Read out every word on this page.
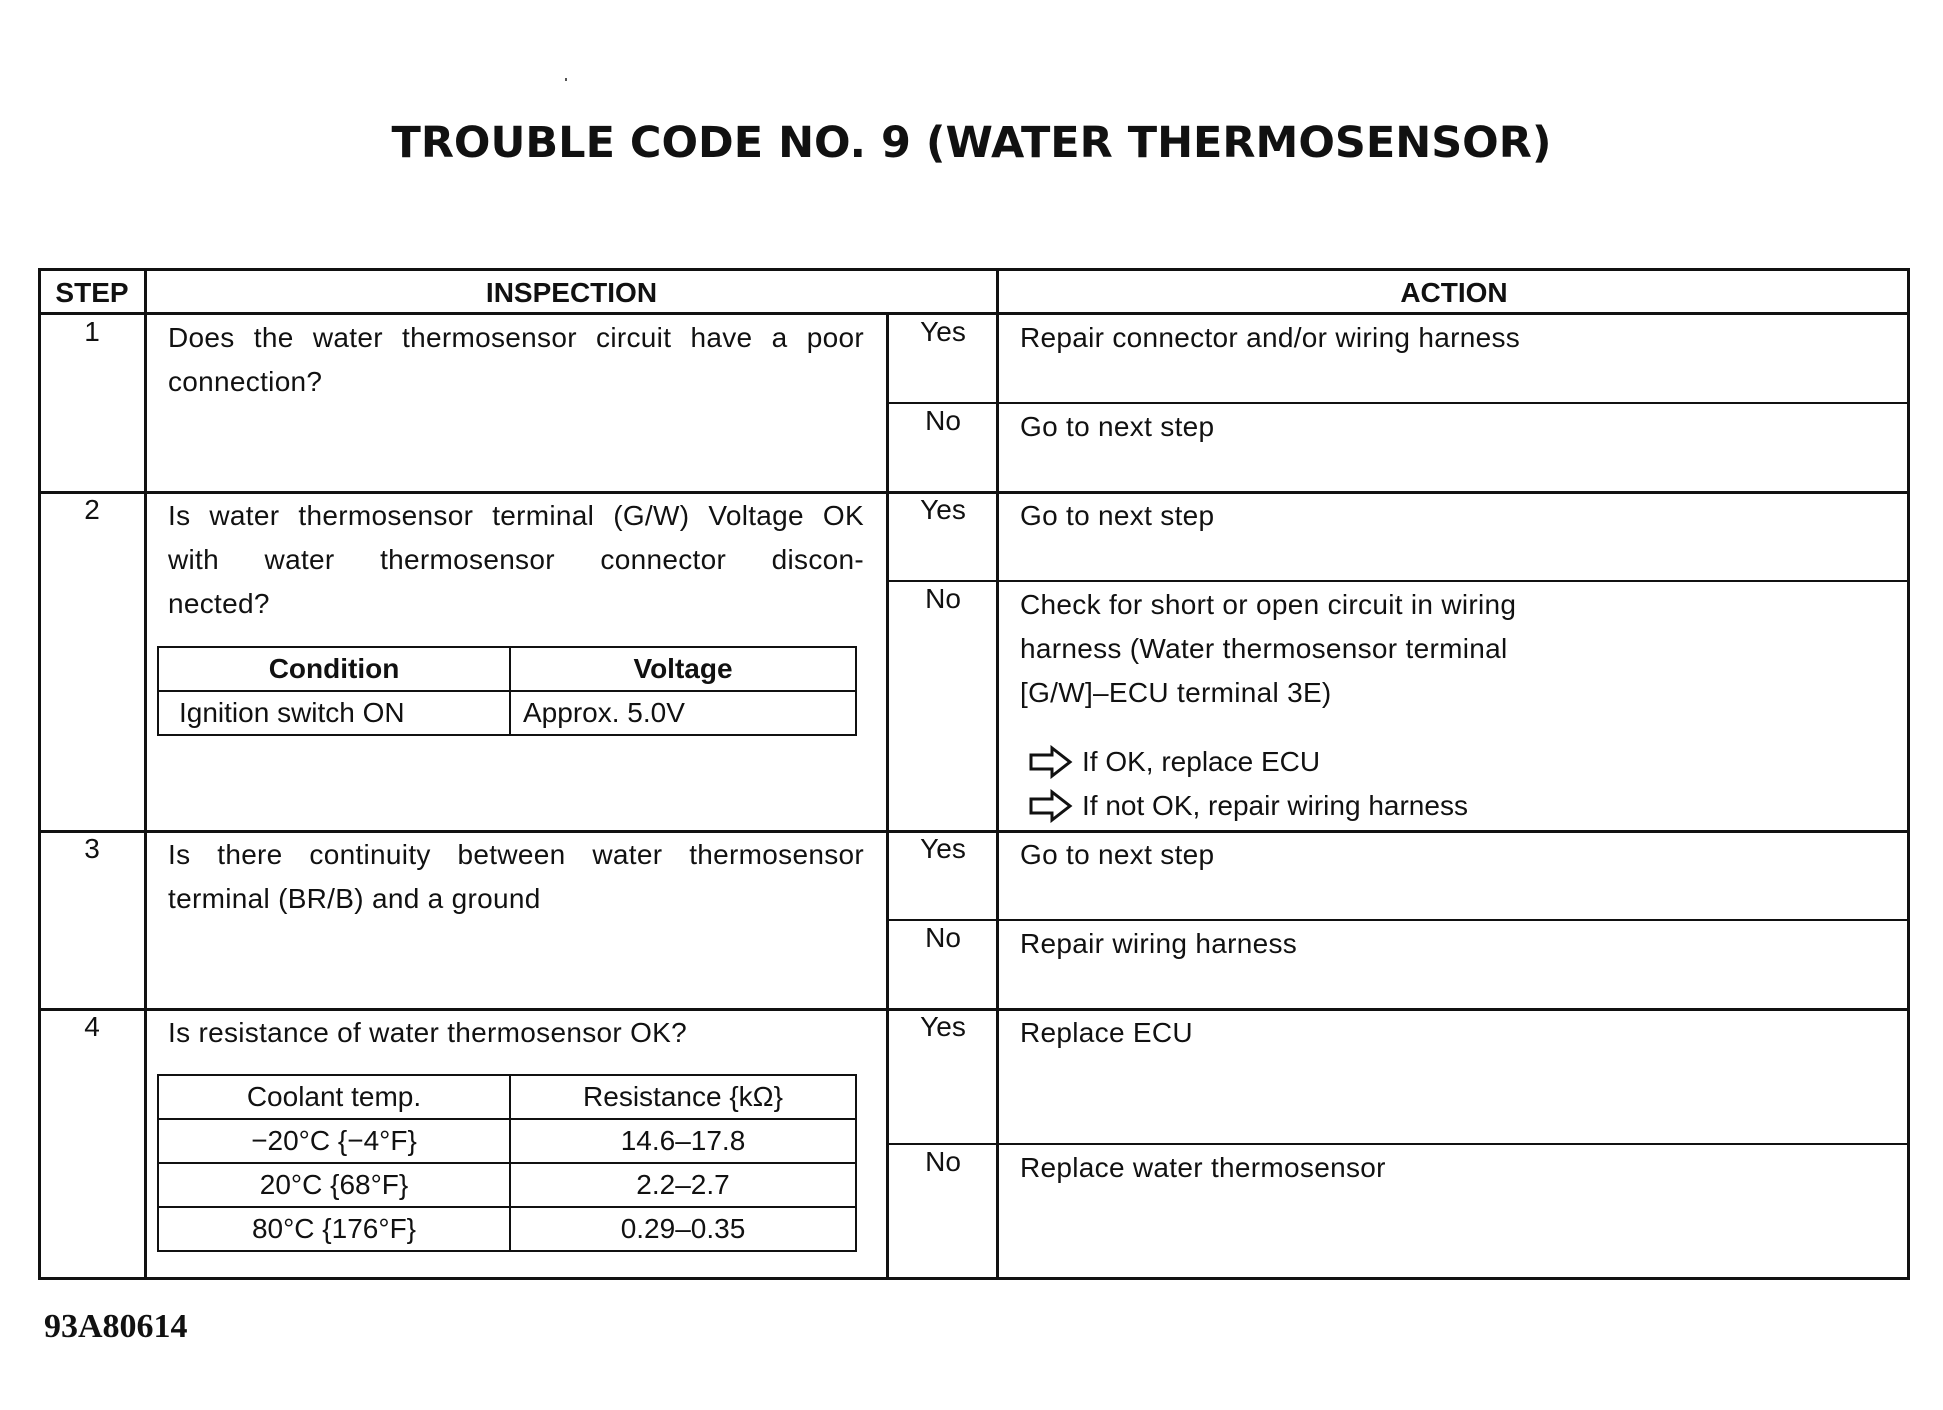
TROUBLE CODE NO. 9 (WATER THERMOSENSOR)
STEP	INSPECTION	ACTION
1	Does the water thermosensor circuit have a poor
connection?
Yes	Repair connector and/or wiring harness
No	Go to next step
2	Is water thermosensor terminal (G/W) Voltage OK
with water thermosensor connector discon-
nected?
Condition	Voltage
Ignition switch ON	Approx. 5.0V
Yes	Go to next step
No	Check for short or open circuit in wiring
harness (Water thermosensor terminal
[G/W]–ECU terminal 3E)
If OK, replace ECU
If not OK, repair wiring harness
3	Is there continuity between water thermosensor
terminal (BR/B) and a ground
Yes	Go to next step
No	Repair wiring harness
4	Is resistance of water thermosensor OK?
Coolant temp.	Resistance {kΩ}
−20°C {−4°F}	14.6–17.8
20°C {68°F}	2.2–2.7
80°C {176°F}	0.29–0.35
Yes	Replace ECU
No	Replace water thermosensor
93A80614
